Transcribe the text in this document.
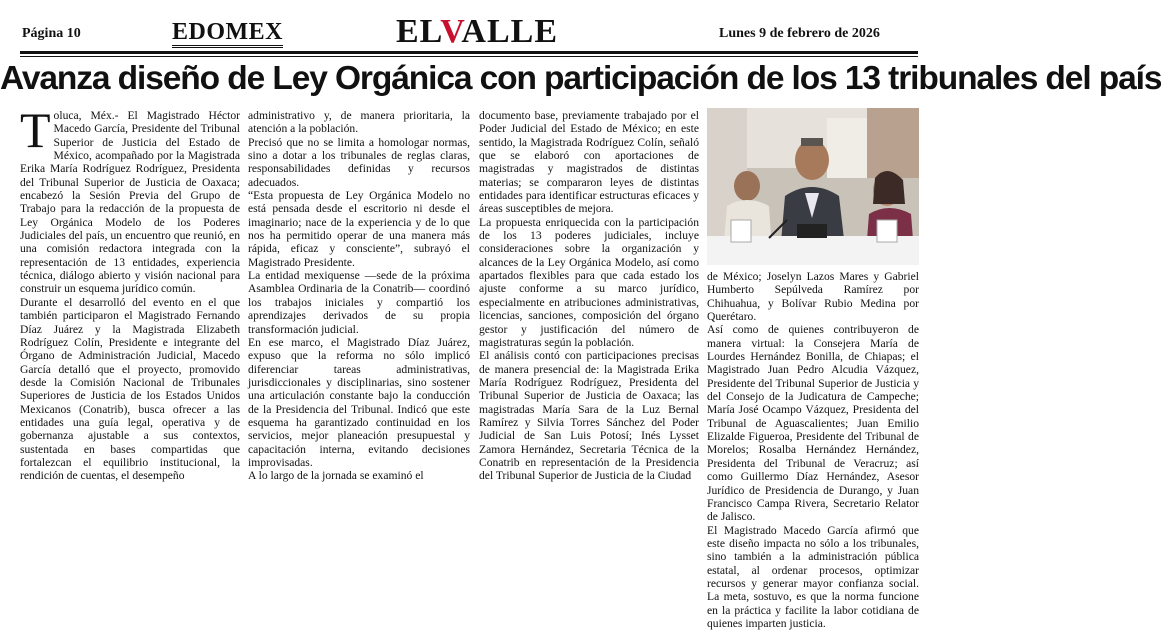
Página 10	EDOMEX	ELVALLE	Lunes 9 de febrero de 2026
Avanza diseño de Ley Orgánica con participación de los 13 tribunales del país

Toluca, Méx.- El Magistrado Héctor Macedo García, Presidente del Tribunal Superior de Justicia del Estado de México, acompañado por la Magistrada Erika María Rodríguez Rodríguez, Presidenta del Tribunal Superior de Justicia de Oaxaca; encabezó la Sesión Previa del Grupo de Trabajo para la redacción de la propuesta de Ley Orgánica Modelo de los Poderes Judiciales del país, un encuentro que reunió, en una comisión redactora integrada con la representación de 13 entidades, experiencia técnica, diálogo abierto y visión nacional para construir un esquema jurídico común.

Durante el desarrolló del evento en el que también participaron el Magistrado Fernando Díaz Juárez y la Magistrada Elizabeth Rodríguez Colín, Presidente e integrante del Órgano de Administración Judicial, Macedo García detalló que el proyecto, promovido desde la Comisión Nacional de Tribunales Superiores de Justicia de los Estados Unidos Mexicanos (Conatrib), busca ofrecer a las entidades una guía legal, operativa y de gobernanza ajustable a sus contextos, sustentada en bases compartidas que fortalezcan el equilibrio institucional, la rendición de cuentas, el desempeño

administrativo y, de manera prioritaria, la atención a la población.

Precisó que no se limita a homologar normas, sino a dotar a los tribunales de reglas claras, responsabilidades definidas y recursos adecuados.

“Esta propuesta de Ley Orgánica Modelo no está pensada desde el escritorio ni desde el imaginario; nace de la experiencia y de lo que nos ha permitido operar de una manera más rápida, eficaz y consciente”, subrayó el Magistrado Presidente.

La entidad mexiquense —sede de la próxima Asamblea Ordinaria de la Conatrib— coordinó los trabajos iniciales y compartió los aprendizajes derivados de su propia transformación judicial.

En ese marco, el Magistrado Díaz Juárez, expuso que la reforma no sólo implicó diferenciar tareas administrativas, jurisdiccionales y disciplinarias, sino sostener una articulación constante bajo la conducción de la Presidencia del Tribunal. Indicó que este esquema ha garantizado continuidad en los servicios, mejor planeación presupuestal y capacitación interna, evitando decisiones improvisadas.

A lo largo de la jornada se examinó el

documento base, previamente trabajado por el Poder Judicial del Estado de México; en este sentido, la Magistrada Rodríguez Colín, señaló que se elaboró con aportaciones de magistradas y magistrados de distintas materias; se compararon leyes de distintas entidades para identificar estructuras eficaces y áreas susceptibles de mejora.

La propuesta enriquecida con la participación de los 13 poderes judiciales, incluye consideraciones sobre la organización y alcances de la Ley Orgánica Modelo, así como apartados flexibles para que cada estado los ajuste conforme a su marco jurídico, especialmente en atribuciones administrativas, licencias, sanciones, composición del órgano gestor y justificación del número de magistraturas según la población.

El análisis contó con participaciones precisas de manera presencial de: la Magistrada Erika María Rodríguez Rodríguez, Presidenta del Tribunal Superior de Justicia de Oaxaca; las magistradas María Sara de la Luz Bernal Ramírez y Silvia Torres Sánchez del Poder Judicial de San Luis Potosí; Inés Lysset Zamora Hernández, Secretaria Técnica de la Conatrib en representación de la Presidencia del Tribunal Superior de Justicia de la Ciudad

de México; Joselyn Lazos Mares y Gabriel Humberto Sepúlveda Ramírez por Chihuahua, y Bolívar Rubio Medina por Querétaro.

Así como de quienes contribuyeron de manera virtual: la Consejera María de Lourdes Hernández Bonilla, de Chiapas; el Magistrado Juan Pedro Alcudia Vázquez, Presidente del Tribunal Superior de Justicia y del Consejo de la Judicatura de Campeche; María José Ocampo Vázquez, Presidenta del Tribunal de Aguascalientes; Juan Emilio Elizalde Figueroa, Presidente del Tribunal de Morelos; Rosalba Hernández Hernández, Presidenta del Tribunal de Veracruz; así como Guillermo Díaz Hernández, Asesor Jurídico de Presidencia de Durango, y Juan Francisco Campa Rivera, Secretario Relator de Jalisco.

El Magistrado Macedo García afirmó que este diseño impacta no sólo a los tribunales, sino también a la administración pública estatal, al ordenar procesos, optimizar recursos y generar mayor confianza social. La meta, sostuvo, es que la norma funcione en la práctica y facilite la labor cotidiana de quienes imparten justicia.
